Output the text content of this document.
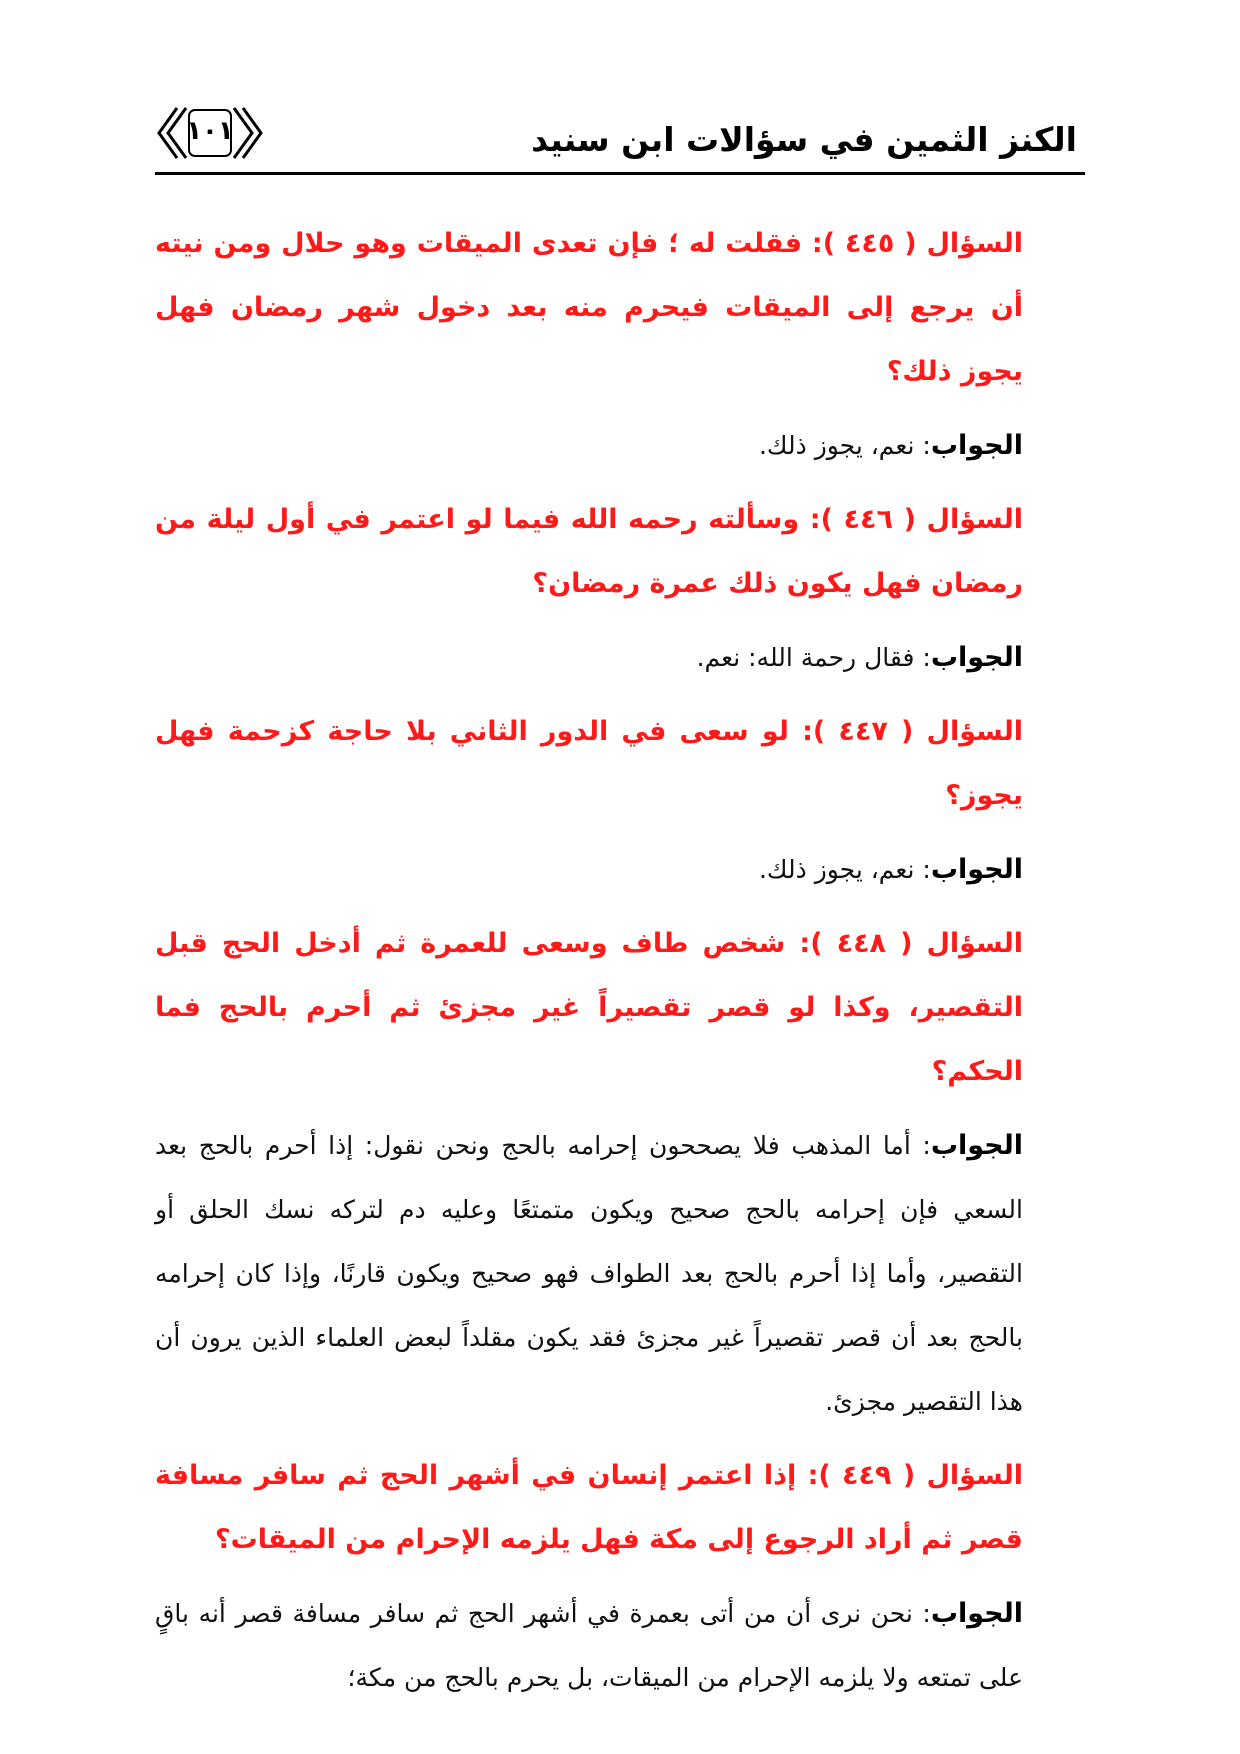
الكنز الثمين في سؤالات ابن سنيد
١٠١

السؤال ( ٤٤٥ ): فقلت له ؛ فإن تعدى الميقات وهو حلال ومن نيته أن يرجع إلى الميقات فيحرم منه بعد دخول شهر رمضان فهل يجوز ذلك؟

الجواب: نعم، يجوز ذلك.

السؤال ( ٤٤٦ ): وسألته رحمه الله فيما لو اعتمر في أول ليلة من رمضان فهل يكون ذلك عمرة رمضان؟

الجواب: فقال رحمة الله: نعم.

السؤال ( ٤٤٧ ): لو سعى في الدور الثاني بلا حاجة كزحمة فهل يجوز؟

الجواب: نعم، يجوز ذلك.

السؤال ( ٤٤٨ ): شخص طاف وسعى للعمرة ثم أدخل الحج قبل التقصير، وكذا لو قصر تقصيراً غير مجزئ ثم أحرم بالحج فما الحكم؟

الجواب: أما المذهب فلا يصححون إحرامه بالحج ونحن نقول: إذا أحرم بالحج بعد السعي فإن إحرامه بالحج صحيح ويكون متمتعًا وعليه دم لتركه نسك الحلق أو التقصير، وأما إذا أحرم بالحج بعد الطواف فهو صحيح ويكون قارنًا، وإذا كان إحرامه بالحج بعد أن قصر تقصيراً غير مجزئ فقد يكون مقلداً لبعض العلماء الذين يرون أن هذا التقصير مجزئ.

السؤال ( ٤٤٩ ): إذا اعتمر إنسان في أشهر الحج ثم سافر مسافة قصر ثم أراد الرجوع إلى مكة فهل يلزمه الإحرام من الميقات؟

الجواب: نحن نرى أن من أتى بعمرة في أشهر الحج ثم سافر مسافة قصر أنه باقٍ على تمتعه ولا يلزمه الإحرام من الميقات، بل يحرم بالحج من مكة؛
